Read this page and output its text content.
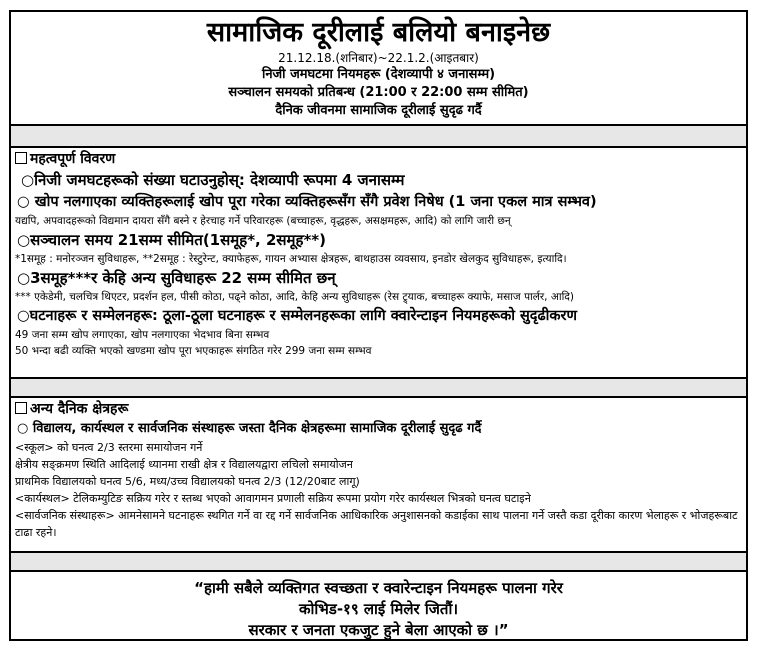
सामाजिक दूरीलाई बलियो बनाइनेछ
21.12.18.(शनिबार)~22.1.2.(आइतबार)
निजी जमघटमा नियमहरू (देशव्यापी ४ जनासम्म)
सञ्चालन समयको प्रतिबन्ध (21:00 र 22:00 सम्म सीमित)
दैनिक जीवनमा सामाजिक दूरीलाई सुदृढ गर्दै
महत्वपूर्ण विवरण
○निजी जमघटहरूको संख्या घटाउनुहोस्: देशव्यापी रूपमा 4 जनासम्म
○ खोप नलगाएका व्यक्तिहरूलाई खोप पूरा गरेका व्यक्तिहरूसँग सँगै प्रवेश निषेध (1 जना एकल मात्र सम्भव)
यद्यपि, अपवादहरूको विद्यमान दायरा सँगै बस्ने र हेरचाह गर्ने परिवारहरू (बच्चाहरू, वृद्धहरू, असक्षमहरू, आदि) को लागि जारी छन्
○सञ्चालन समय 21सम्म सीमित(1समूह*, 2समूह**)
*1समूह : मनोरञ्जन सुविधाहरू, **2समूह : रेस्टुरेन्ट, क्याफेहरू, गायन अभ्यास क्षेत्रहरू, बाथहाउस व्यवसाय, इनडोर खेलकुद सुविधाहरू, इत्यादि।
○3समूह***र केहि अन्य सुविधाहरू 22 सम्म सीमित छन्
*** एकेडेमी, चलचित्र थिएटर, प्रदर्शन हल, पीसी कोठा, पढ्ने कोठा, आदि, केहि अन्य सुविधाहरू (रेस ट्र्याक, बच्चाहरू क्याफे, मसाज पार्लर, आदि)
○घटनाहरू र सम्मेलनहरू: ठूला-ठूला घटनाहरू र सम्मेलनहरूका लागि क्वारेन्टाइन नियमहरूको सुदृढीकरण
49 जना सम्म खोप लगाएका, खोप नलगाएका भेदभाव बिना सम्भव
50 भन्दा बढी व्यक्ति भएको खण्डमा खोप पूरा भएकाहरू संगठित गरेर 299 जना सम्म सम्भव
अन्य दैनिक क्षेत्रहरू
○ विद्यालय, कार्यस्थल र सार्वजनिक संस्थाहरू जस्ता दैनिक क्षेत्रहरूमा सामाजिक दूरीलाई सुदृढ गर्दै
<स्कूल> को घनत्व 2/3 स्तरमा समायोजन गर्ने
क्षेत्रीय सङ्क्रमण स्थिति आदिलाई ध्यानमा राखी क्षेत्र र विद्यालयद्वारा लचिलो समायोजन
प्राथमिक विद्यालयको घनत्व 5/6, मध्य/उच्च विद्यालयको घनत्व 2/3 (12/20बाट लागू)
<कार्यस्थल> टेलिकम्युटिङ सक्रिय गरेर र स्तब्ध भएको आवागमन प्रणाली सक्रिय रूपमा प्रयोग गरेर कार्यस्थल भित्रको घनत्व घटाइने
<सार्वजनिक संस्थाहरू> आमनेसामने घटनाहरू स्थगित गर्ने वा रद्द गर्ने सार्वजनिक आधिकारिक अनुशासनको कडाईका साथ पालना गर्ने जस्तै कडा दूरीका कारण भेलाहरू र भोजहरूबाट टाढा रहने।
“हामी सबैले व्यक्तिगत स्वच्छता र क्वारेन्टाइन नियमहरू पालना गरेर
कोभिड-१९ लाई मिलेर जितौं।
सरकार र जनता एकजुट हुने बेला आएको छ ।”
